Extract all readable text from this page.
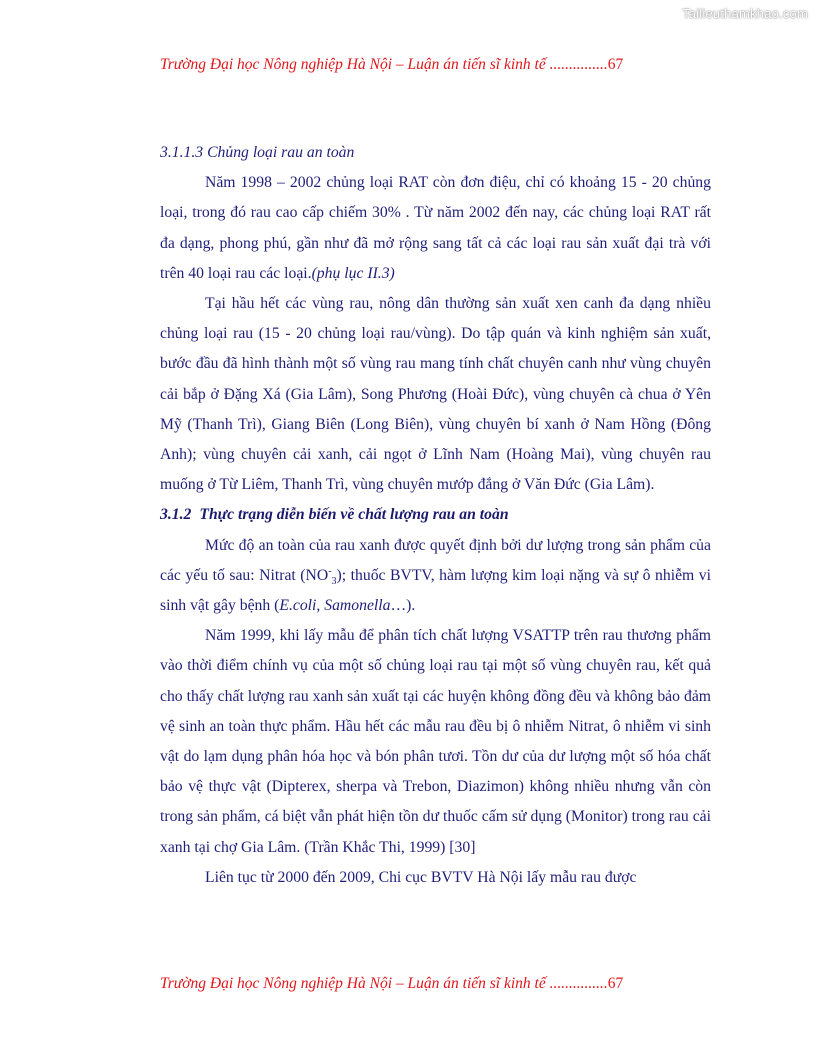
Tailieuthamkhao.com
Trường Đại học Nông nghiệp Hà Nội – Luận án tiến sĩ kinh tế ...............67

3.1.1.3 Chủng loại rau an toàn

Năm 1998 – 2002 chủng loại RAT còn đơn điệu, chỉ có khoảng 15 - 20 chủng loại, trong đó rau cao cấp chiếm 30% . Từ năm 2002 đến nay, các chủng loại RAT rất đa dạng, phong phú, gần như đã mở rộng sang tất cả các loại rau sản xuất đại trà với trên 40 loại rau các loại.(phụ lục II.3)

Tại hầu hết các vùng rau, nông dân thường sản xuất xen canh đa dạng nhiều chủng loại rau (15 - 20 chủng loại rau/vùng). Do tập quán và kinh nghiệm sản xuất, bước đầu đã hình thành một số vùng rau mang tính chất chuyên canh như vùng chuyên cải bắp ở Đặng Xá (Gia Lâm), Song Phương (Hoài Đức), vùng chuyên cà chua ở Yên Mỹ (Thanh Trì), Giang Biên (Long Biên), vùng chuyên bí xanh ở Nam Hồng (Đông Anh); vùng chuyên cải xanh, cải ngọt ở Lĩnh Nam (Hoàng Mai), vùng chuyên rau muống ở Từ Liêm, Thanh Trì, vùng chuyên mướp đắng ở Văn Đức (Gia Lâm).

3.1.2 Thực trạng diễn biến về chất lượng rau an toàn

Mức độ an toàn của rau xanh được quyết định bởi dư lượng trong sản phẩm của các yếu tố sau: Nitrat $(NO^-_3)$; thuốc BVTV, hàm lượng kim loại nặng và sự ô nhiễm vi sinh vật gây bệnh (E.coli, Samonella…).

Năm 1999, khi lấy mẫu để phân tích chất lượng VSATTP trên rau thương phẩm vào thời điểm chính vụ của một số chủng loại rau tại một số vùng chuyên rau, kết quả cho thấy chất lượng rau xanh sản xuất tại các huyện không đồng đều và không bảo đảm vệ sinh an toàn thực phẩm. Hầu hết các mẫu rau đều bị ô nhiễm Nitrat, ô nhiễm vi sinh vật do lạm dụng phân hóa học và bón phân tươi. Tồn dư của dư lượng một số hóa chất bảo vệ thực vật (Dipterex, sherpa và Trebon, Diazimon) không nhiều nhưng vẫn còn trong sản phẩm, cá biệt vẫn phát hiện tồn dư thuốc cấm sử dụng (Monitor) trong rau cải xanh tại chợ Gia Lâm. (Trần Khắc Thi, 1999) [30]

Liên tục từ 2000 đến 2009, Chi cục BVTV Hà Nội lấy mẫu rau được

Trường Đại học Nông nghiệp Hà Nội – Luận án tiến sĩ kinh tế ...............67
